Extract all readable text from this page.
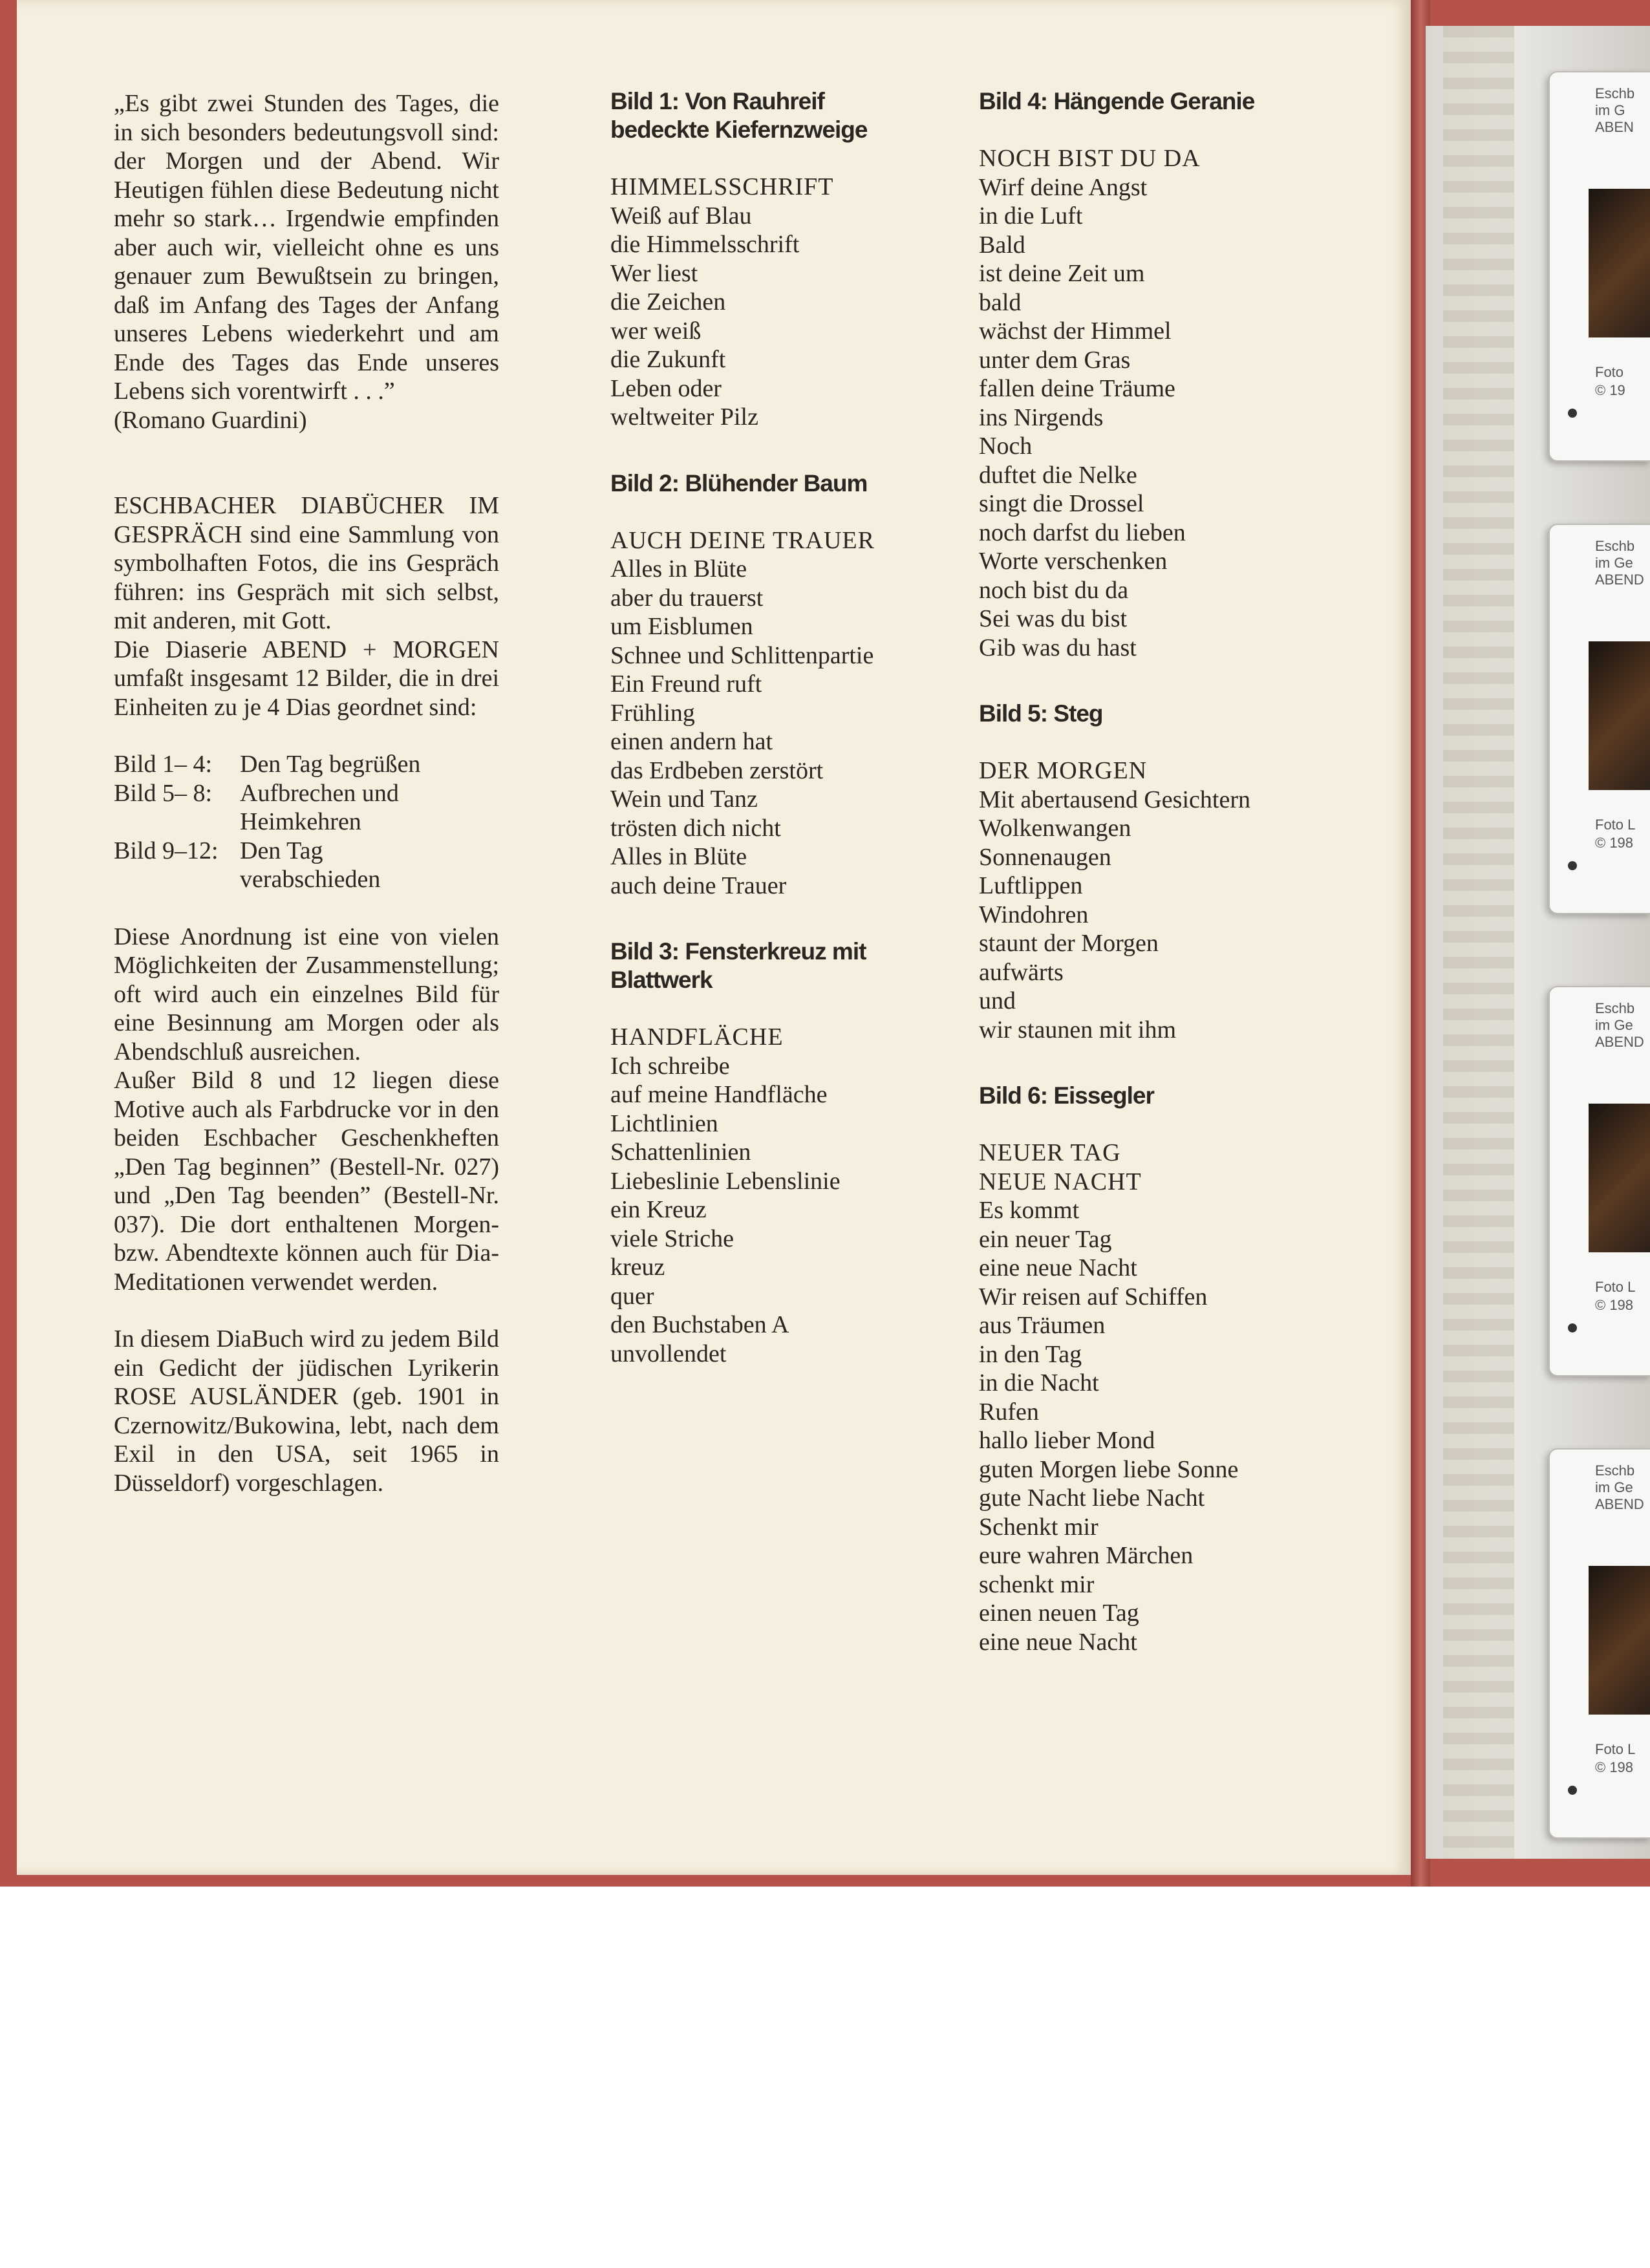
Eschb
im G
ABEN
Foto
© 19
Eschb
im Ge
ABEND
Foto L
© 198
Eschb
im Ge
ABEND
Foto L
© 198
Eschb
im Ge
ABEND
Foto L
© 198

„Es gibt zwei Stunden des Tages, die in sich besonders bedeutungsvoll sind: der Morgen und der Abend. Wir Heutigen fühlen diese Bedeutung nicht mehr so stark… Irgendwie empfinden aber auch wir, vielleicht ohne es uns genauer zum Bewußtsein zu bringen, daß im Anfang des Tages der Anfang unseres Lebens wiederkehrt und am Ende des Tages das Ende unseres Lebens sich vorentwirft . . .”

(Romano Guardini)

ESCHBACHER DIABÜCHER IM GESPRÄCH sind eine Sammlung von symbolhaften Fotos, die ins Gespräch führen: ins Gespräch mit sich selbst, mit anderen, mit Gott.

Die Diaserie ABEND + MORGEN umfaßt insgesamt 12 Bilder, die in drei Einheiten zu je 4 Dias geordnet sind:

Bild 1– 4:	Den Tag begrüßen
Bild 5– 8:	Aufbrechen und Heimkehren
Bild 9–12:	Den Tag verabschieden

Diese Anordnung ist eine von vielen Möglichkeiten der Zusammenstellung; oft wird auch ein einzelnes Bild für eine Besinnung am Morgen oder als Abendschluß ausreichen.

Außer Bild 8 und 12 liegen diese Motive auch als Farbdrucke vor in den beiden Eschbacher Geschenkheften „Den Tag beginnen” (Bestell-Nr. 027) und „Den Tag beenden” (Bestell-Nr. 037). Die dort enthaltenen Morgen- bzw. Abendtexte können auch für Dia-Meditationen verwendet werden.

In diesem DiaBuch wird zu jedem Bild ein Gedicht der jüdischen Lyrikerin ROSE AUSLÄNDER (geb. 1901 in Czernowitz/Bukowina, lebt, nach dem Exil in den USA, seit 1965 in Düsseldorf) vorgeschlagen.

Bild 1: Von Rauhreif bedeckte Kiefernzweige

HIMMELSSCHRIFT

Weiß auf Blau
die Himmelsschrift

Wer liest
die Zeichen
wer weiß
die Zukunft

Leben oder
weltweiter Pilz

Bild 2: Blühender Baum

AUCH DEINE TRAUER

Alles in Blüte
aber du trauerst
um Eisblumen
Schnee und Schlittenpartie

Ein Freund ruft
Frühling
einen andern hat
das Erdbeben zerstört

Wein und Tanz
trösten dich nicht

Alles in Blüte
auch deine Trauer

Bild 3: Fensterkreuz mit Blattwerk

HANDFLÄCHE

Ich schreibe
auf meine Handfläche
Lichtlinien
Schattenlinien

Liebeslinie Lebenslinie
ein Kreuz
viele Striche
kreuz
quer

den Buchstaben A
unvollendet

Bild 4: Hängende Geranie

NOCH BIST DU DA

Wirf deine Angst
in die Luft

Bald
ist deine Zeit um
bald
wächst der Himmel
unter dem Gras
fallen deine Träume
ins Nirgends

Noch
duftet die Nelke
singt die Drossel
noch darfst du lieben
Worte verschenken
noch bist du da

Sei was du bist
Gib was du hast

Bild 5: Steg

DER MORGEN

Mit abertausend Gesichtern
Wolkenwangen
Sonnenaugen
Luftlippen
Windohren

staunt der Morgen
aufwärts
und
wir staunen mit ihm

Bild 6: Eissegler

NEUER TAG
NEUE NACHT

Es kommt
ein neuer Tag
eine neue Nacht

Wir reisen auf Schiffen
aus Träumen
in den Tag
in die Nacht

Rufen
hallo lieber Mond
guten Morgen liebe Sonne
gute Nacht liebe Nacht

Schenkt mir
eure wahren Märchen
schenkt mir
einen neuen Tag
eine neue Nacht
